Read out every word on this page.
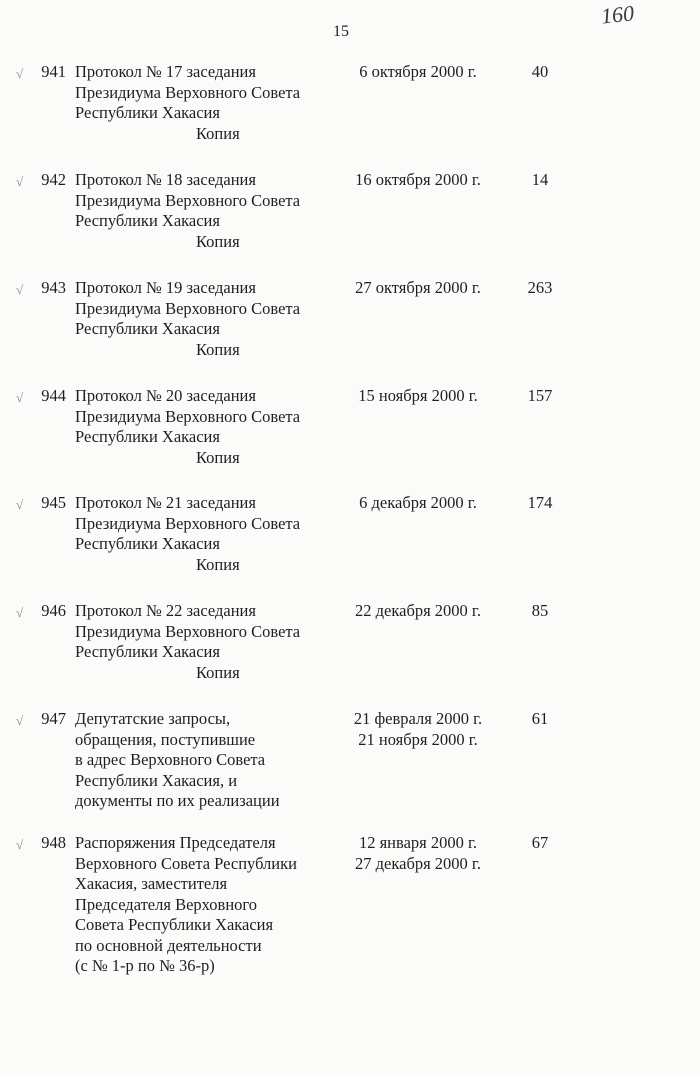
15
160
√	941 Протокол № 17 заседания
Президиума Верховного Совета
Республики Хакасия
Копия
6 октября 2000 г.	40
√	942 Протокол № 18 заседания
Президиума Верховного Совета
Республики Хакасия
Копия
16 октября 2000 г.	14
√	943 Протокол № 19 заседания
Президиума Верховного Совета
Республики Хакасия
Копия
27 октября 2000 г.	263
√	944 Протокол № 20 заседания
Президиума Верховного Совета
Республики Хакасия
Копия
15 ноября 2000 г.	157
√	945 Протокол № 21 заседания
Президиума Верховного Совета
Республики Хакасия
Копия
6 декабря 2000 г.	174
√	946 Протокол № 22 заседания
Президиума Верховного Совета
Республики Хакасия
Копия
22 декабря 2000 г.	85
√	947 Депутатские запросы,
обращения, поступившие
в адрес Верховного Совета
Республики Хакасия, и
документы по их реализации
21 февраля 2000 г.
21 ноября 2000 г.
61
√	948 Распоряжения Председателя
Верховного Совета Республики
Хакасия, заместителя
Председателя Верховного
Совета Республики Хакасия
по основной деятельности
(с № 1-р по № 36-р)
12 января 2000 г.
27 декабря 2000 г.
67
